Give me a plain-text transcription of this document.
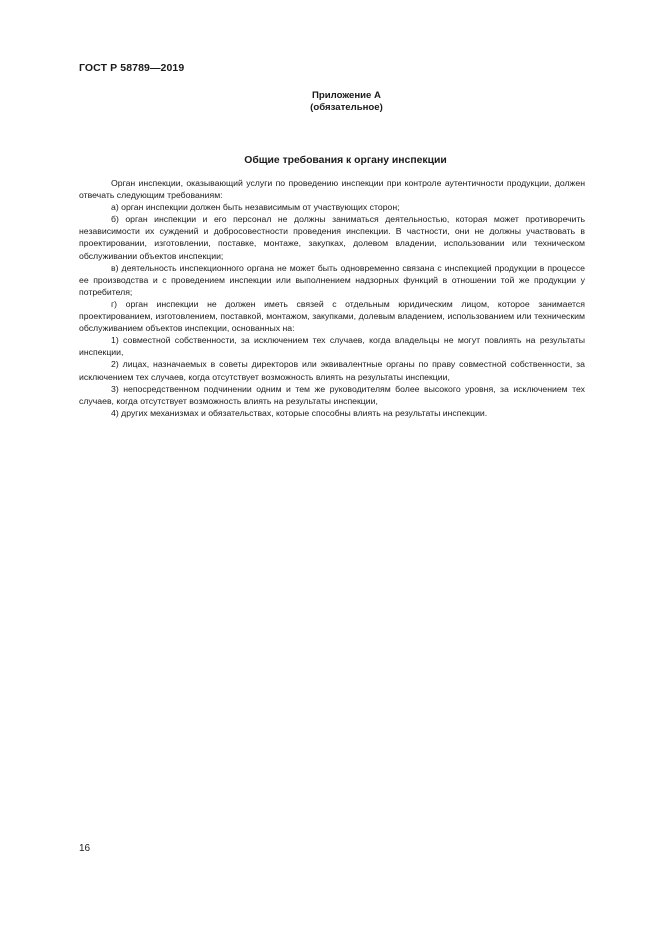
ГОСТ Р 58789—2019
Приложение А
(обязательное)
Общие требования к органу инспекции

Орган инспекции, оказывающий услуги по проведению инспекции при контроле аутентичности продукции, должен отвечать следующим требованиям:

а) орган инспекции должен быть независимым от участвующих сторон;

б) орган инспекции и его персонал не должны заниматься деятельностью, которая может противоречить независимости их суждений и добросовестности проведения инспекции. В частности, они не должны участвовать в проектировании, изготовлении, поставке, монтаже, закупках, долевом владении, использовании или техническом обслуживании объектов инспекции;

в) деятельность инспекционного органа не может быть одновременно связана с инспекцией продукции в процессе ее производства и с проведением инспекции или выполнением надзорных функций в отношении той же продукции у потребителя;

г) орган инспекции не должен иметь связей с отдельным юридическим лицом, которое занимается проектированием, изготовлением, поставкой, монтажом, закупками, долевым владением, использованием или техническим обслуживанием объектов инспекции, основанных на:

1) совместной собственности, за исключением тех случаев, когда владельцы не могут повлиять на результаты инспекции,

2) лицах, назначаемых в советы директоров или эквивалентные органы по праву совместной собственности, за исключением тех случаев, когда отсутствует возможность влиять на результаты инспекции,

3) непосредственном подчинении одним и тем же руководителям более высокого уровня, за исключением тех случаев, когда отсутствует возможность влиять на результаты инспекции,

4) других механизмах и обязательствах, которые способны влиять на результаты инспекции.

16
